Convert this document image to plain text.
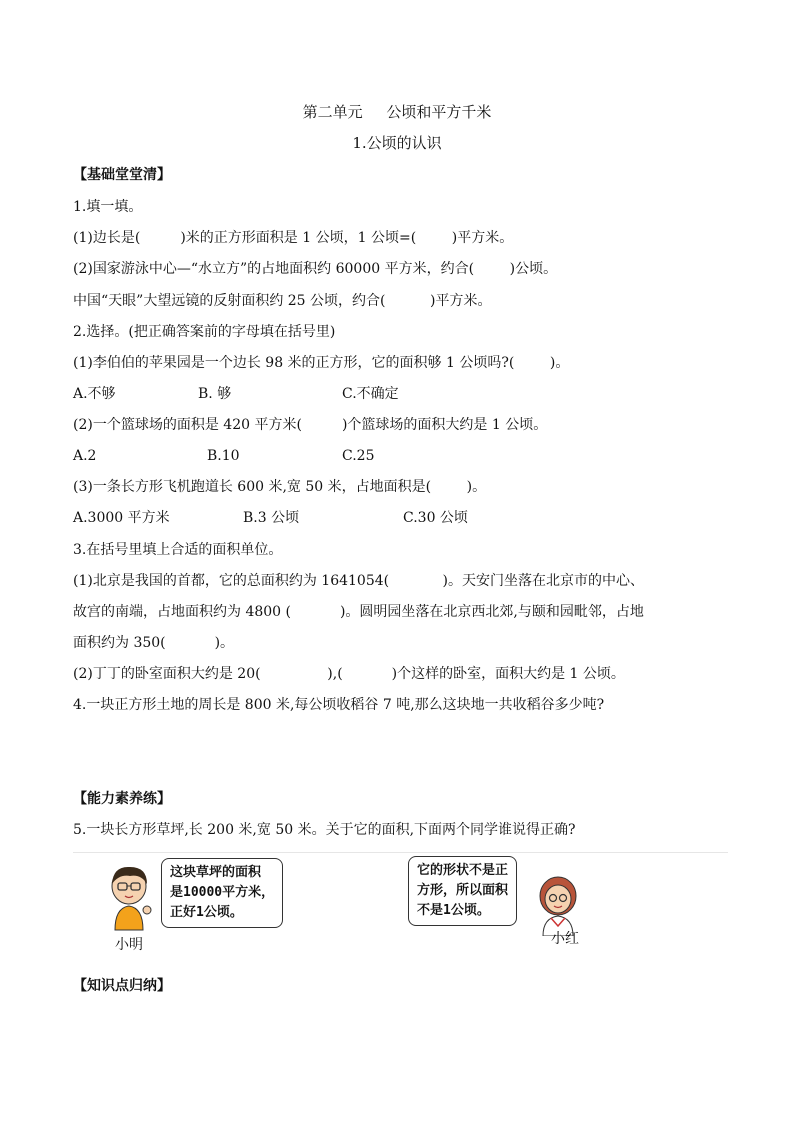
第二单元     公顷和平方千米
1.公顷的认识
【基础堂堂清】
1.填一填。
(1)边长是(         )米的正方形面积是 1 公顷，1 公顷=(        )平方米。
(2)国家游泳中心—“水立方”的占地面积约 60000 平方米，约合(        )公顷。
中国“天眼”大望远镜的反射面积约 25 公顷，约合(          )平方米。
2.选择。(把正确答案前的字母填在括号里)
(1)李伯伯的苹果园是一个边长 98 米的正方形，它的面积够 1 公顷吗?(        )。
A.不够	B. 够	C.不确定
(2)一个篮球场的面积是 420 平方米(         )个篮球场的面积大约是 1 公顷。
A.2	B.10	C.25
(3)一条长方形飞机跑道长 600 米,宽 50 米，占地面积是(        )。
A.3000 平方米	B.3 公顷	C.30 公顷
3.在括号里填上合适的面积单位。
(1)北京是我国的首都，它的总面积约为 1641054(            )。天安门坐落在北京市的中心、
故宫的南端，占地面积约为 4800 (           )。圆明园坐落在北京西北郊,与颐和园毗邻，占地
面积约为 350(           )。
(2)丁丁的卧室面积大约是 20(               ),(           )个这样的卧室，面积大约是 1 公顷。
4.一块正方形土地的周长是 800 米,每公顷收稻谷 7 吨,那么这块地一共收稻谷多少吨?
【能力素养练】
5.一块长方形草坪,长 200 米,宽 50 米。关于它的面积,下面两个同学谁说得正确?
小明
这块草坪的面积
是10000平方米，
正好1公顷。
小红
它的形状不是正
方形，所以面积
不是1公顷。
【知识点归纳】
